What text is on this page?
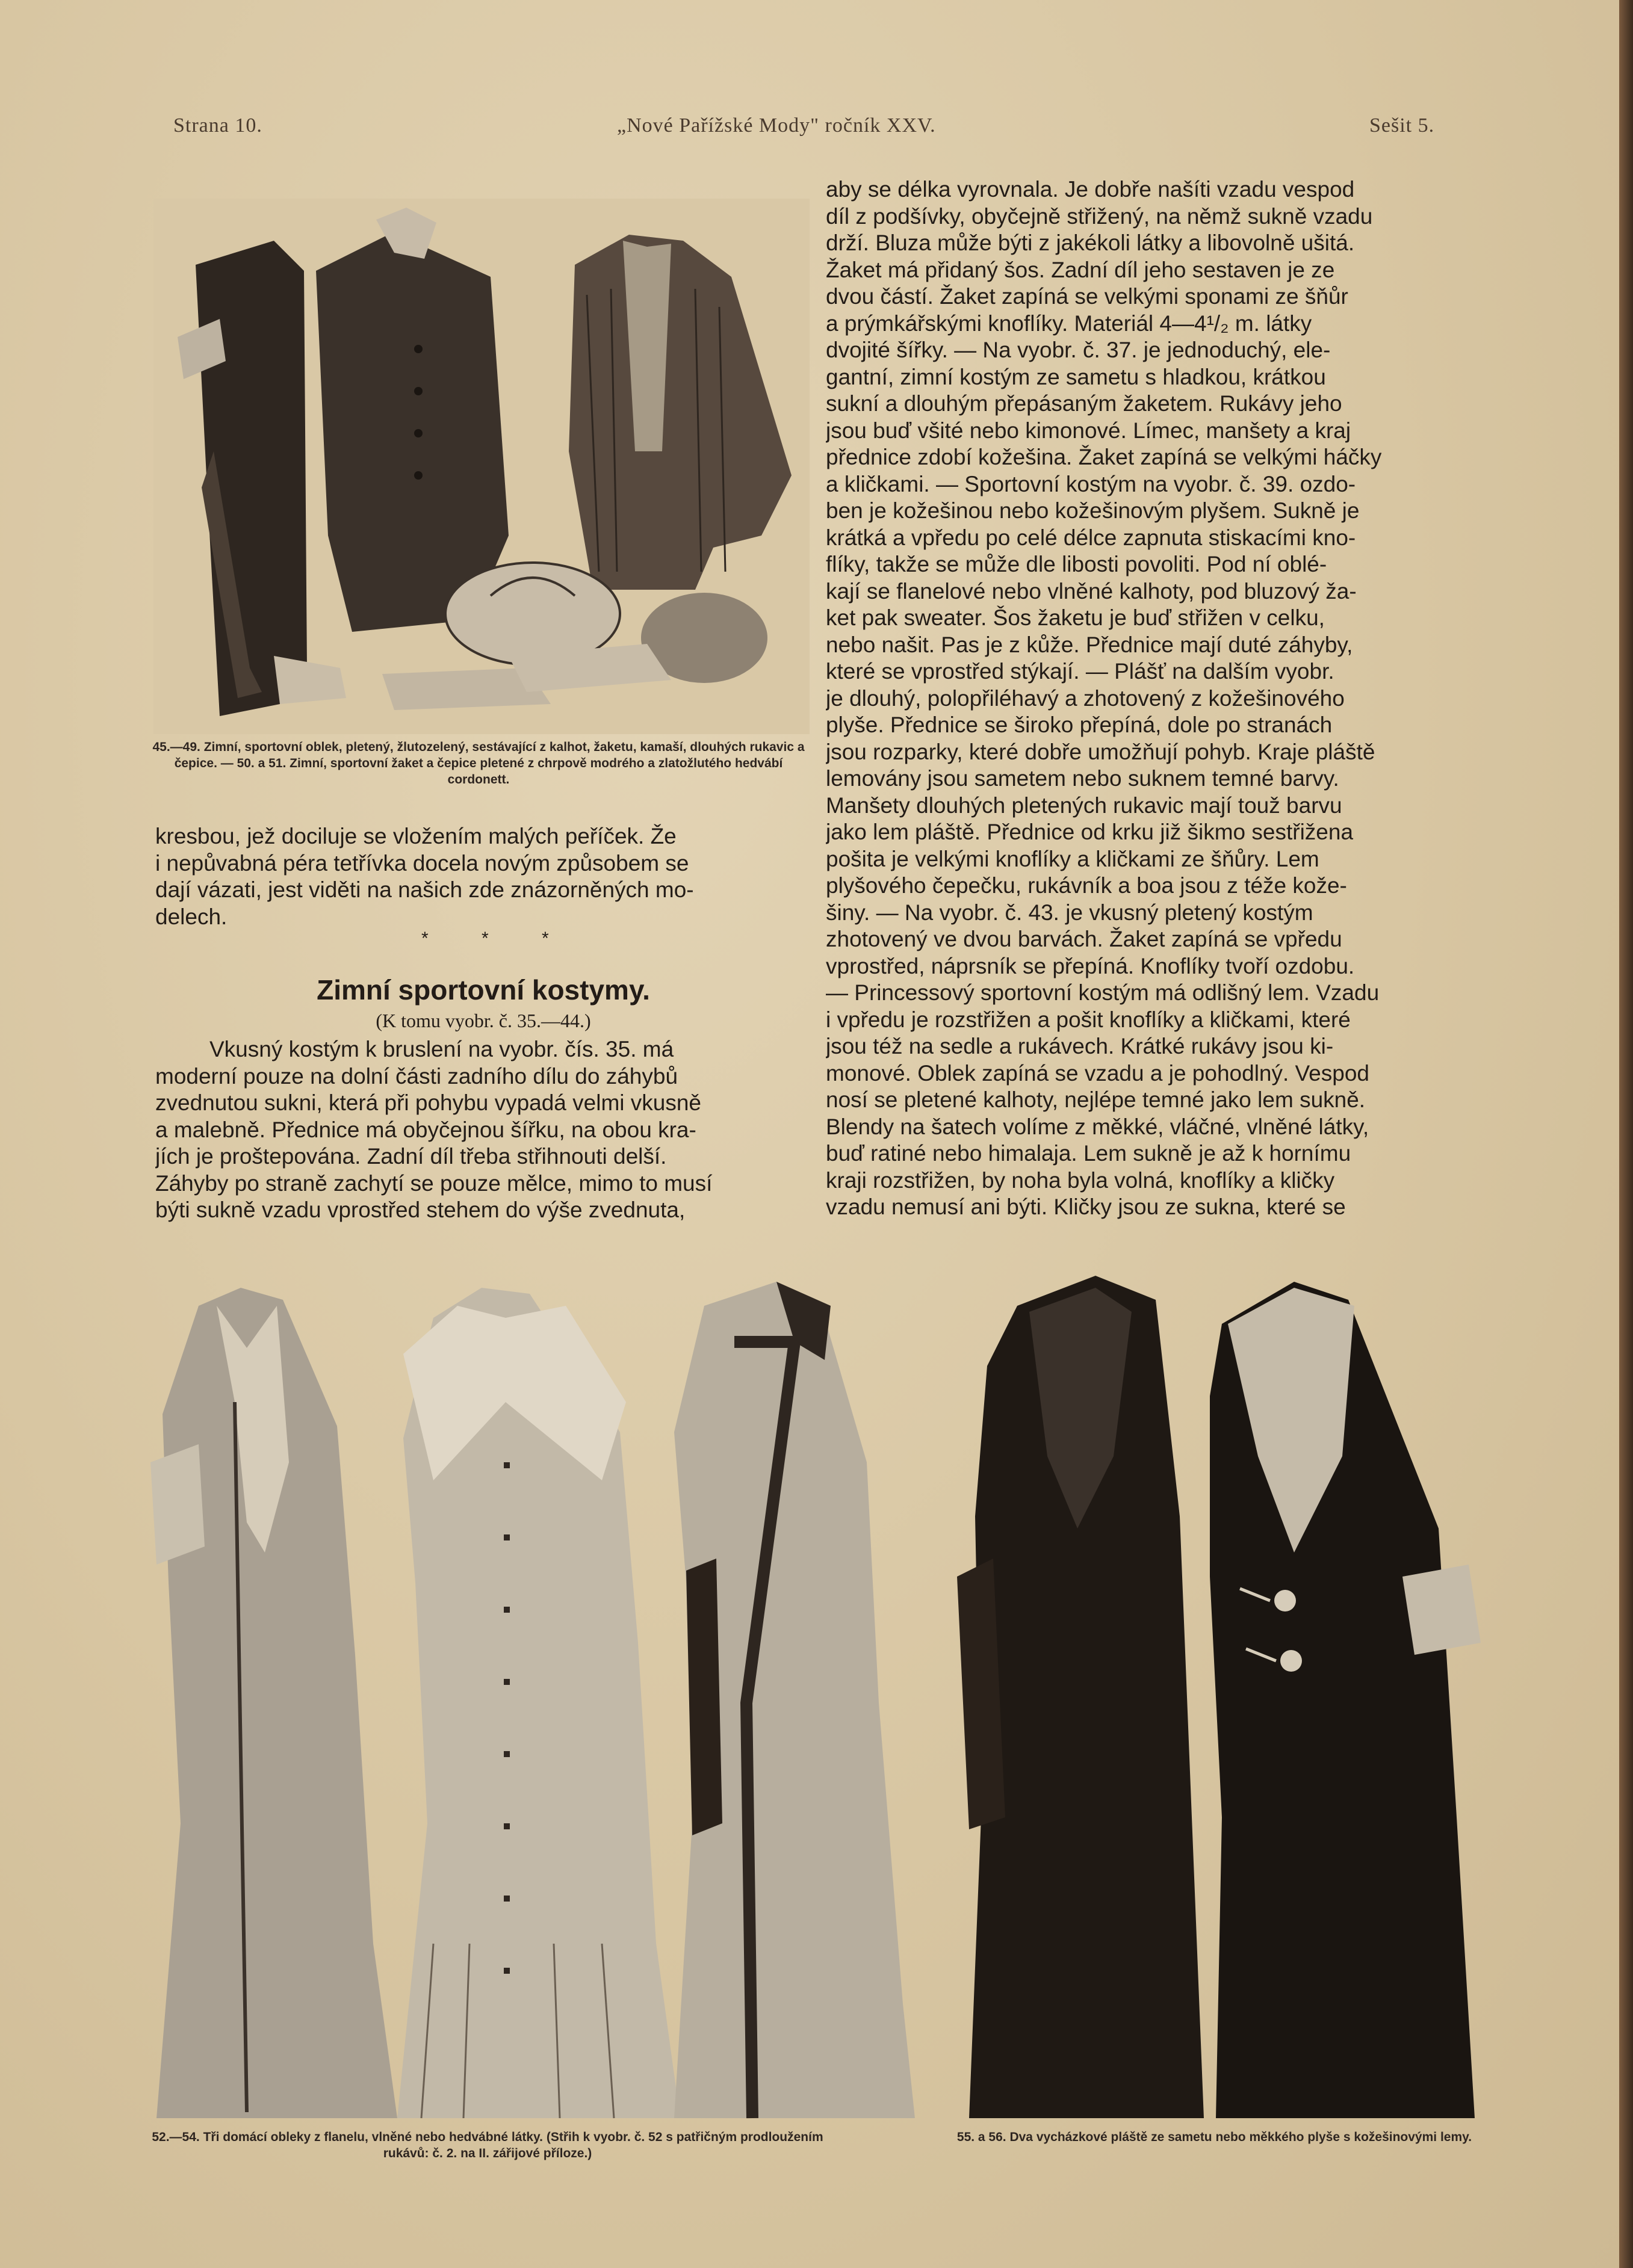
Strana 10.	„Nové Pařížské Mody" ročník XXV.	Sešit 5.
45.—49. Zimní, sportovní oblek, pletený, žlutozelený, sestávající z kalhot, žaketu, kamaší, dlouhých rukavic a čepice. — 50. a 51. Zimní, sportovní žaket a čepice pletené z chrpově modrého a zlatožlutého hedvábí cordonett.
kresbou, jež dociluje se vložením malých peříček. Že
i nepůvabná péra tetřívka docela novým způsobem se
dají vázati, jest viděti na našich zde znázorněných mo-
delech.
* * *
Zimní sportovní kostymy.
(K tomu vyobr. č. 35.—44.)
Vkusný kostým k bruslení na vyobr. čís. 35. má
moderní pouze na dolní části zadního dílu do záhybů
zvednutou sukni, která při pohybu vypadá velmi vkusně
a malebně. Přednice má obyčejnou šířku, na obou kra-
jích je proštepována. Zadní díl třeba střihnouti delší.
Záhyby po straně zachytí se pouze mělce, mimo to musí
býti sukně vzadu vprostřed stehem do výše zvednuta,
aby se délka vyrovnala. Je dobře našíti vzadu vespod
díl z podšívky, obyčejně střižený, na němž sukně vzadu
drží. Bluza může býti z jakékoli látky a libovolně ušitá.
Žaket má přidaný šos. Zadní díl jeho sestaven je ze
dvou částí. Žaket zapíná se velkými sponami ze šňůr
a prýmkářskými knoflíky. Materiál 4—4¹/₂ m. látky
dvojité šířky. — Na vyobr. č. 37. je jednoduchý, ele-
gantní, zimní kostým ze sametu s hladkou, krátkou
sukní a dlouhým přepásaným žaketem. Rukávy jeho
jsou buď všité nebo kimonové. Límec, manšety a kraj
přednice zdobí kožešina. Žaket zapíná se velkými háčky
a kličkami. — Sportovní kostým na vyobr. č. 39. ozdo-
ben je kožešinou nebo kožešinovým plyšem. Sukně je
krátká a vpředu po celé délce zapnuta stiskacími kno-
flíky, takže se může dle libosti povoliti. Pod ní oblé-
kají se flanelové nebo vlněné kalhoty, pod bluzový ža-
ket pak sweater. Šos žaketu je buď střižen v celku,
nebo našit. Pas je z kůže. Přednice mají duté záhyby,
které se vprostřed stýkají. — Plášť na dalším vyobr.
je dlouhý, polopřiléhavý a zhotovený z kožešinového
plyše. Přednice se široko přepíná, dole po stranách
jsou rozparky, které dobře umožňují pohyb. Kraje pláště
lemovány jsou sametem nebo suknem temné barvy.
Manšety dlouhých pletených rukavic mají touž barvu
jako lem pláště. Přednice od krku již šikmo sestřižena
pošita je velkými knoflíky a kličkami ze šňůry. Lem
plyšového čepečku, rukávník a boa jsou z téže kože-
šiny. — Na vyobr. č. 43. je vkusný pletený kostým
zhotovený ve dvou barvách. Žaket zapíná se vpředu
vprostřed, náprsník se přepíná. Knoflíky tvoří ozdobu.
— Princessový sportovní kostým má odlišný lem. Vzadu
i vpředu je rozstřižen a pošit knoflíky a kličkami, které
jsou též na sedle a rukávech. Krátké rukávy jsou ki-
monové. Oblek zapíná se vzadu a je pohodlný. Vespod
nosí se pletené kalhoty, nejlépe temné jako lem sukně.
Blendy na šatech volíme z měkké, vláčné, vlněné látky,
buď ratiné nebo himalaja. Lem sukně je až k hornímu
kraji rozstřižen, by noha byla volná, knoflíky a kličky
vzadu nemusí ani býti. Kličky jsou ze sukna, které se
52.—54. Tři domácí obleky z flanelu, vlněné nebo hedvábné látky. (Střih k vyobr. č. 52 s patřičným prodloužením rukávů: č. 2. na II. zářijové příloze.)
55. a 56. Dva vycházkové pláště ze sametu nebo měkkého plyše s kožešinovými lemy.
